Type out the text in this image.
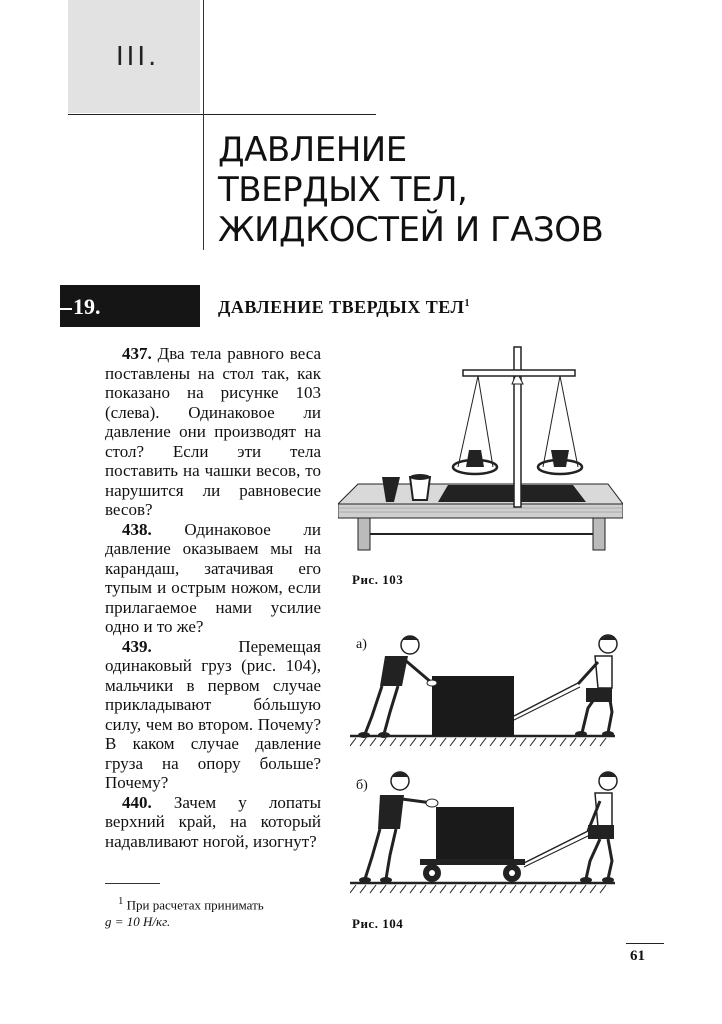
III.
ДАВЛЕНИЕ
ТВЕРДЫХ ТЕЛ,
ЖИДКОСТЕЙ И ГАЗОВ
19.	ДАВЛЕНИЕ ТВЕРДЫХ ТЕЛ$^1$

 437. Два тела равного веса поставлены на стол так, как показано на рисунке 103 (слева). Одинаковое ли давление они производят на стол? Если эти тела поставить на чашки весов, то нарушится ли равновесие весов?

 438. Одинаковое ли давление оказываем мы на карандаш, затачивая его тупым и острым ножом, если прилагаемое нами усилие одно и то же?

 439.	Перемещая одинаковый груз (рис. 104), мальчики в первом случае прикладывают бóльшую силу, чем во втором. Почему? В каком случае давление груза на опору больше? Почему?

 440. Зачем у лопаты верхний край, на который надавливают ногой, изогнут?

 $^1$ При расчетах принимать
g = 10 Н/кг.
Рис. 103
а)
б)
Рис. 104
61
